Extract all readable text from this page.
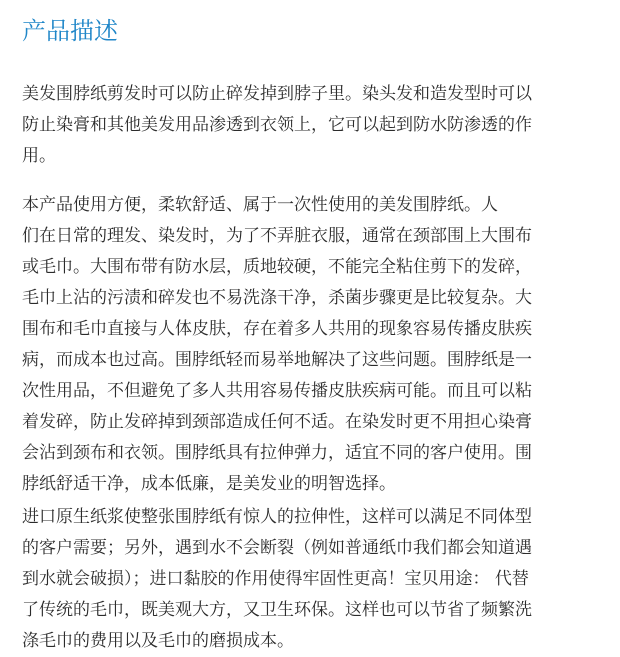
产品描述

美发围脖纸剪发时可以防止碎发掉到脖子里。染头发和造发型时可以
防止染膏和其他美发用品渗透到衣领上，它可以起到防水防渗透的作
用。

本产品使用方便，柔软舒适、属于一次性使用的美发围脖纸。人
们在日常的理发、染发时，为了不弄脏衣服，通常在颈部围上大围布
或毛巾。大围布带有防水层，质地较硬，不能完全粘住剪下的发碎，
毛巾上沾的污渍和碎发也不易洗涤干净，杀菌步骤更是比较复杂。大
围布和毛巾直接与人体皮肤，存在着多人共用的现象容易传播皮肤疾
病，而成本也过高。围脖纸轻而易举地解决了这些问题。围脖纸是一
次性用品，不但避免了多人共用容易传播皮肤疾病可能。而且可以粘
着发碎，防止发碎掉到颈部造成任何不适。在染发时更不用担心染膏
会沾到颈布和衣领。围脖纸具有拉伸弹力，适宜不同的客户使用。围
脖纸舒适干净，成本低廉，是美发业的明智选择。

进口原生纸浆使整张围脖纸有惊人的拉伸性，这样可以满足不同体型
的客户需要；另外，遇到水不会断裂（例如普通纸巾我们都会知道遇
到水就会破损）；进口黏胶的作用使得牢固性更高！宝贝用途： 代替
了传统的毛巾，既美观大方，又卫生环保。这样也可以节省了频繁洗
涤毛巾的费用以及毛巾的磨损成本。
